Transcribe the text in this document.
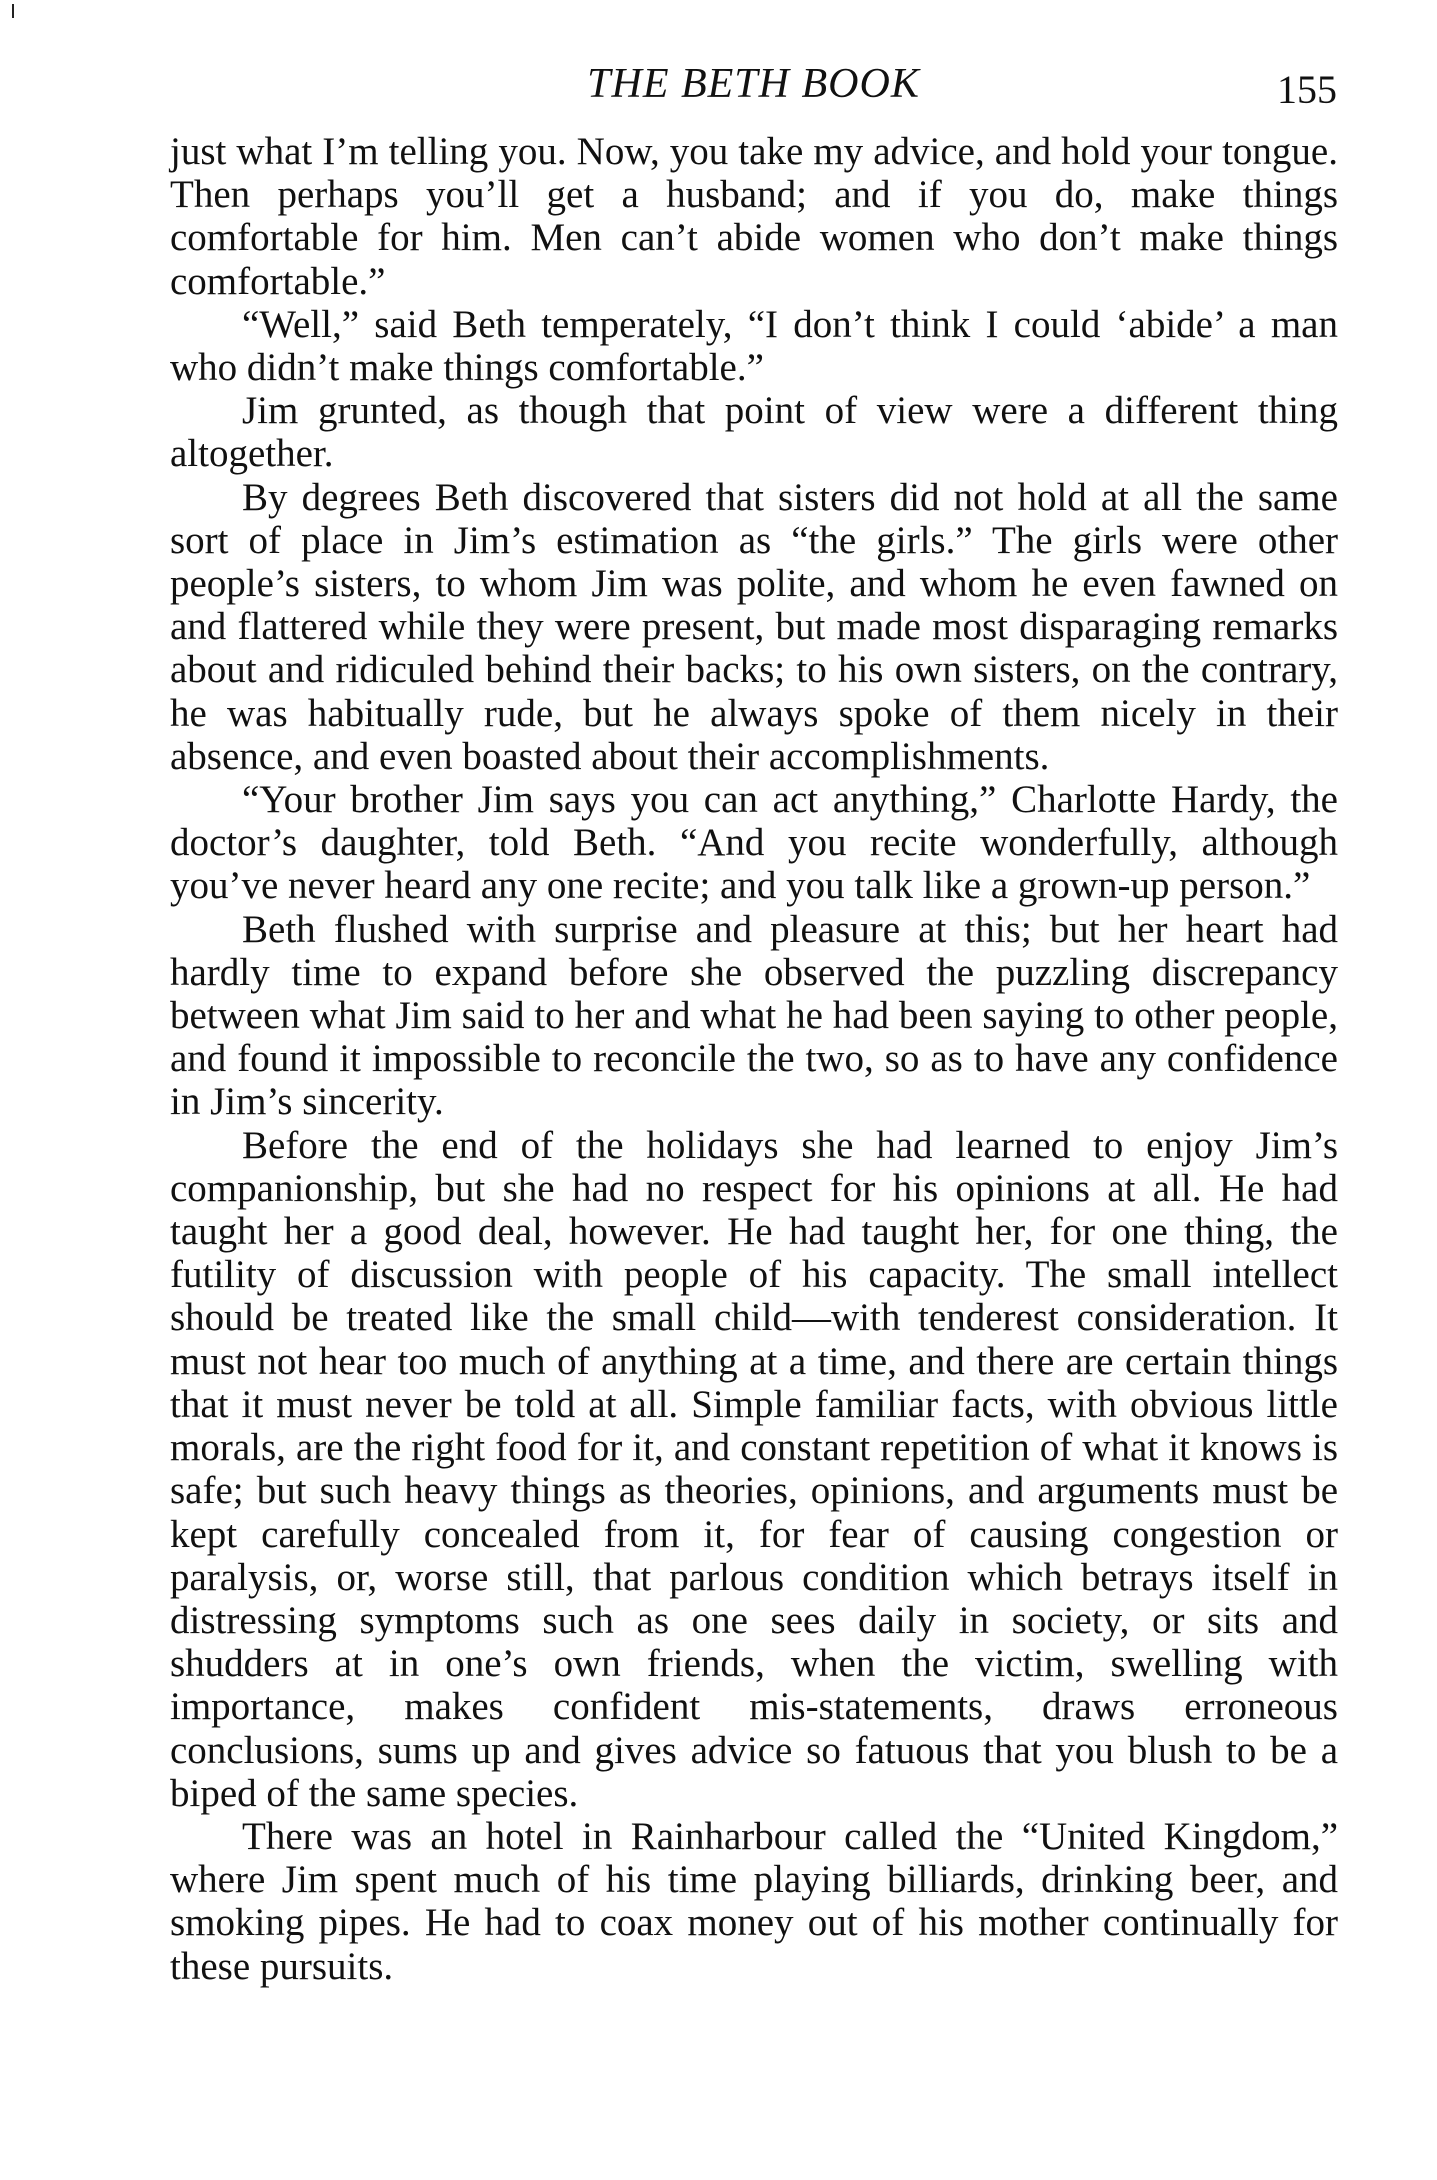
THE BETH BOOK	155

just what I’m telling you. Now, you take my advice, and hold your tongue. Then perhaps you’ll get a husband; and if you do, make things comfortable for him. Men can’t abide women who don’t make things comfortable.”

“Well,” said Beth temperately, “I don’t think I could ‘abide’ a man who didn’t make things comfortable.”

Jim grunted, as though that point of view were a different thing altogether.

By degrees Beth discovered that sisters did not hold at all the same sort of place in Jim’s estimation as “the girls.” The girls were other people’s sisters, to whom Jim was polite, and whom he even fawned on and flattered while they were present, but made most disparaging remarks about and ridiculed behind their backs; to his own sisters, on the contrary, he was habitually rude, but he always spoke of them nicely in their absence, and even boasted about their accomplishments.

“Your brother Jim says you can act anything,” Charlotte Hardy, the doctor’s daughter, told Beth. “And you recite wonderfully, although you’ve never heard any one recite; and you talk like a grown-up person.”

Beth flushed with surprise and pleasure at this; but her heart had hardly time to expand before she observed the puzzling discrepancy between what Jim said to her and what he had been saying to other people, and found it impossible to reconcile the two, so as to have any confidence in Jim’s sincerity.

Before the end of the holidays she had learned to enjoy Jim’s companionship, but she had no respect for his opinions at all. He had taught her a good deal, however. He had taught her, for one thing, the futility of discussion with people of his capacity. The small intellect should be treated like the small child—with tenderest consideration. It must not hear too much of anything at a time, and there are certain things that it must never be told at all. Simple familiar facts, with obvious little morals, are the right food for it, and constant repetition of what it knows is safe; but such heavy things as theories, opinions, and arguments must be kept carefully concealed from it, for fear of causing congestion or paralysis, or, worse still, that parlous condition which betrays itself in distressing symptoms such as one sees daily in society, or sits and shudders at in one’s own friends, when the victim, swelling with importance, makes confident mis-statements, draws erroneous conclusions, sums up and gives advice so fatuous that you blush to be a biped of the same species.

There was an hotel in Rainharbour called the “United Kingdom,” where Jim spent much of his time playing billiards, drinking beer, and smoking pipes. He had to coax money out of his mother continually for these pursuits.
